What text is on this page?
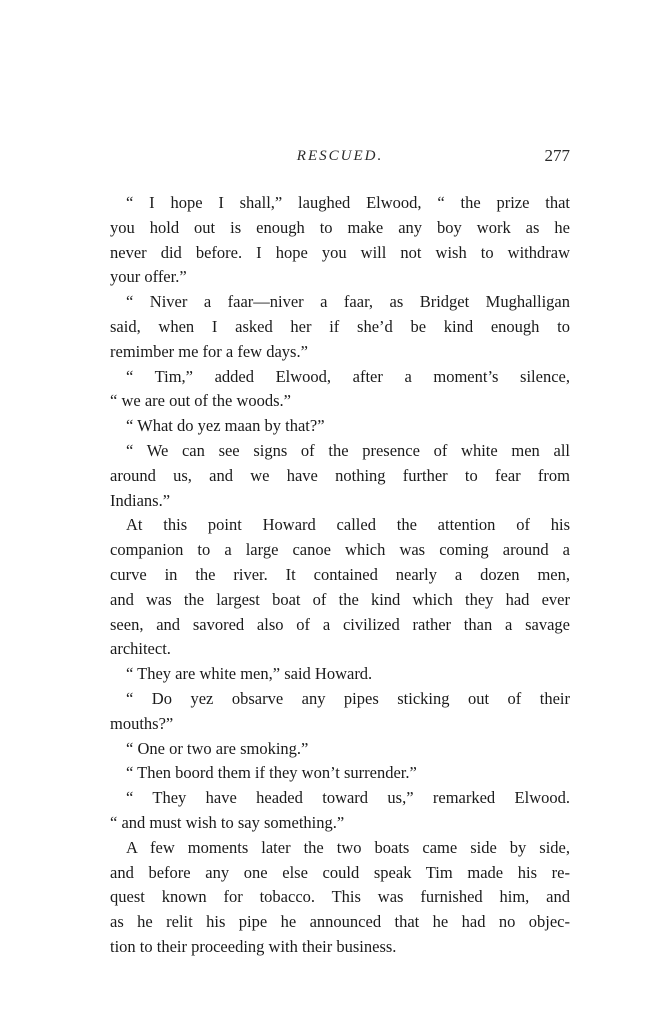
RESCUED.	277
“ I hope I shall,” laughed Elwood, “ the prize that
you hold out is enough to make any boy work as he
never did before. I hope you will not wish to withdraw
your offer.”
“ Niver a faar—niver a faar, as Bridget Mughalligan
said, when I asked her if she’d be kind enough to
remimber me for a few days.”
“ Tim,” added Elwood, after a moment’s silence,
“ we are out of the woods.”
“ What do yez maan by that?”
“ We can see signs of the presence of white men all
around us, and we have nothing further to fear from
Indians.”
At this point Howard called the attention of his
companion to a large canoe which was coming around a
curve in the river. It contained nearly a dozen men,
and was the largest boat of the kind which they had ever
seen, and savored also of a civilized rather than a savage
architect.
“ They are white men,” said Howard.
“ Do yez obsarve any pipes sticking out of their
mouths?”
“ One or two are smoking.”
“ Then boord them if they won’t surrender.”
“ They have headed toward us,” remarked Elwood.
“ and must wish to say something.”
A few moments later the two boats came side by side,
and before any one else could speak Tim made his re-
quest known for tobacco. This was furnished him, and
as he relit his pipe he announced that he had no objec-
tion to their proceeding with their business.
